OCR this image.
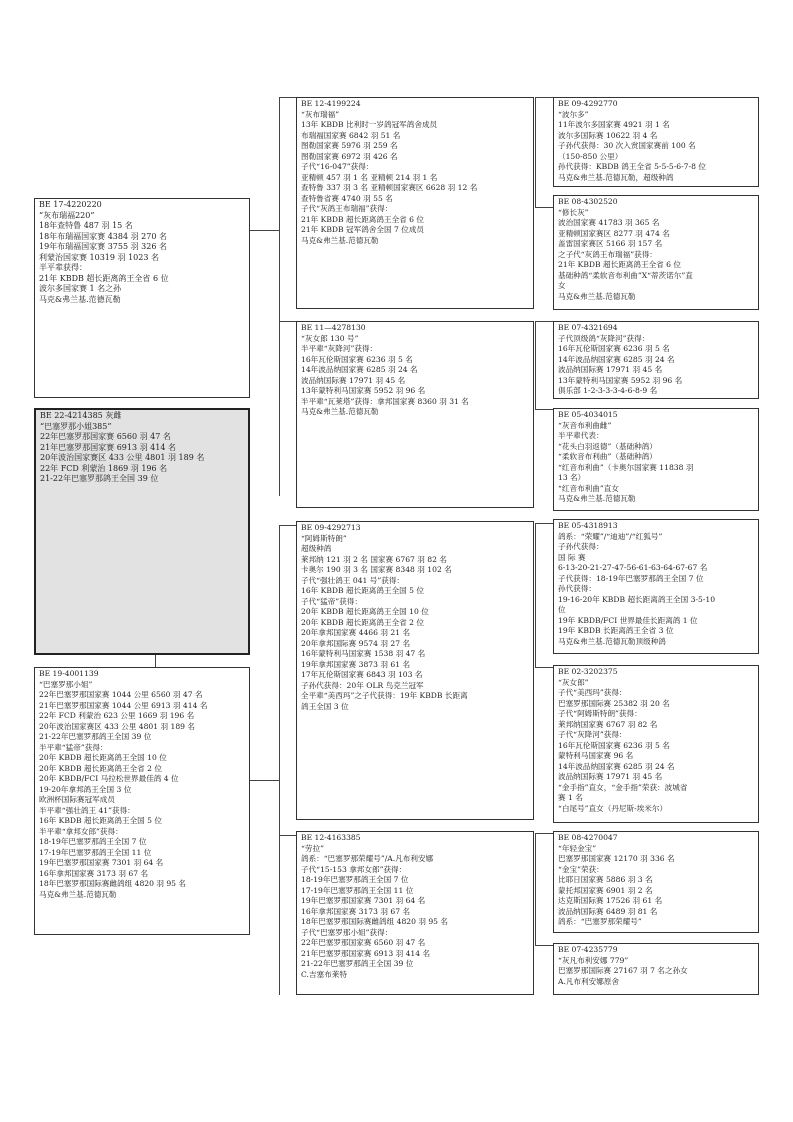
BE 17-4220220
“灰布瑞福220”
18年查特鲁 487 羽 15 名
18年布瑞福国家赛 4384 羽 270 名
19年布瑞福国家赛 3755 羽 326 名
利蒙治国家赛 10319 羽 1023 名
半平辈获得：
21年 KBDB 超长距离鸽王全省 6 位
波尔多国家赛 1 名之孙
马克&弗兰基.范德瓦勒
BE 22-4214385 灰雌
“巴塞罗那小姐385”
22年巴塞罗那国家赛 6560 羽 47 名
21年巴塞罗那国家赛 6913 羽 414 名
20年波治国家赛区 433 公里 4801 羽 189 名
22年 FCD 利蒙治 1869 羽 196 名
21-22年巴塞罗那鸽王全国 39 位
BE 19-4001139
“巴塞罗那小姐”
22年巴塞罗那国家赛 1044 公里 6560 羽 47 名
21年巴塞罗那国家赛 1044 公里 6913 羽 414 名
22年 FCD 利蒙治 623 公里 1669 羽 196 名
20年波治国家赛区 433 公里 4801 羽 189 名
21-22年巴塞罗那鸽王全国 39 位
半平辈“猛帝”获得：
20年 KBDB 超长距离鸽王全国 10 位
20年 KBDB 超长距离鸽王全省 2 位
20年 KBDB/FCI 马拉松世界最佳鸽 4 位
19-20年拿邦鸽王全国 3 位
欧洲杯国际赛冠军成员
半平辈“强壮鸽王 41”获得：
16年 KBDB 超长距离鸽王全国 5 位
半平辈“拿邦女郎”获得：
18-19年巴塞罗那鸽王全国 7 位
17-19年巴塞罗那鸽王全国 11 位
19年巴塞罗那国家赛 7301 羽 64 名
16年拿邦国家赛 3173 羽 67 名
18年巴塞罗那国际赛雌鸽组 4820 羽 95 名
马克&弗兰基.范德瓦勒
BE 12-4199224
“灰布瑞福”
13年 KBDB 比利时一岁鸽冠军鸽舍成员
布瑞福国家赛 6842 羽 51 名
图勒国家赛 5976 羽 259 名
图勒国家赛 6972 羽 426 名
子代“16-047”获得：
亚精顿 457 羽 1 名 亚精顿 214 羽 1 名
查特鲁 337 羽 3 名 亚精顿国家赛区 6628 羽 12 名
查特鲁省赛 4740 羽 55 名
子代“灰鸽王布瑞福”获得：
21年 KBDB 超长距离鸽王全省 6 位
21年 KBDB 冠军鸽舍全国 7 位成员
马克&弗兰基.范德瓦勒
BE 11—4278130
“灰女郎 130 号”
半平辈“灰降河”获得：
16年瓦伦斯国家赛 6236 羽 5 名
14年波品纳国家赛 6285 羽 24 名
波品纳国际赛 17971 羽 45 名
13年蒙特利马国家赛 5952 羽 96 名
半平辈“瓦莱塔”获得：拿邦国家赛 8360 羽 31 名
马克&弗兰基.范德瓦勒
BE 09-4292713
“阿姆斯特朗”
超级种鸽
莱邦纳 121 羽 2 名 国家赛 6767 羽 82 名
卡奥尔 190 羽 3 名 国家赛 8348 羽 102 名
子代“强壮鸽王 041 号”获得：
16年 KBDB 超长距离鸽王全国 5 位
子代“猛帝”获得：
20年 KBDB 超长距离鸽王全国 10 位
20年 KBDB 超长距离鸽王全省 2 位
20年拿邦国家赛 4466 羽 21 名
20年拿邦国际赛 9574 羽 27 名
16年蒙特利马国家赛 1538 羽 47 名
19年拿邦国家赛 3873 羽 61 名
17年瓦伦斯国家赛 6843 羽 103 名
子孙代获得：20年 OLR 鸟克兰冠军
全平辈“美西玛”之子代获得：19年 KBDB 长距离
鸽王全国 3 位
BE 12-4163385
“劳拉”
鸽系：“巴塞罗那荣耀号”/A.凡布利安娜
子代“15-153 拿邦女郎”获得：
18-19年巴塞罗那鸽王全国 7 位
17-19年巴塞罗那鸽王全国 11 位
19年巴塞罗那国家赛 7301 羽 64 名
16年拿邦国家赛 3173 羽 67 名
18年巴塞罗那国际赛雌鸽组 4820 羽 95 名
子代“巴塞罗那小姐”获得：
22年巴塞罗那国家赛 6560 羽 47 名
21年巴塞罗那国家赛 6913 羽 414 名
21-22年巴塞罗那鸽王全国 39 位
C.吉塞布莱特
BE 09-4292770
“波尔多”
11年波尔多国家赛 4921 羽 1 名
波尔多国际赛 10622 羽 4 名
子孙代获得：30 次入赏国家赛前 100 名
（150-850 公里）
孙代获得：KBDB 鸽王全省 5-5-5-6-7-8 位
马克&弗兰基.范德瓦勒，超级种鸽
BE 08-4302520
“修长灰”
波治国家赛 41783 羽 365 名
亚精顿国家赛区 8277 羽 474 名
盖雷国家赛区 5166 羽 157 名
之子代“灰鸽王布瑞福”获得：
21年 KBDB 超长距离鸽王全省 6 位
基础种鸽“柔软音布利曲”X“蒂茨诺尔”直
女
马克&弗兰基.范德瓦勒
BE 07-4321694
子代顶级鸽“灰降河”获得：
16年瓦伦斯国家赛 6236 羽 5 名
14年波品纳国家赛 6285 羽 24 名
波品纳国际赛 17971 羽 45 名
13年蒙特利马国家赛 5952 羽 96 名
俱乐部 1-2-3-3-3-4-6-8-9 名
BE 05-4034015
“灰音布利曲雌”
半平辈代表：
“花头白羽返德”（基础种鸽）
“柔软音布利曲”（基础种鸽）
“红音布利曲”（卡奥尔国家赛 11838 羽
13 名）
“红音布利曲”直女
马克&弗兰基.范德瓦勒
BE 05-4318913
鸽系：“荣耀”/“迪迪”/“红狐号”
子孙代获得：
国 际 赛
6-13-20-21-27-47-56-61-63-64-67-67 名
子代获得：18-19年巴塞罗那鸽王全国 7 位
孙代获得：
19-16-20年 KBDB 超长距离鸽王全国 3-5-10
位
19年 KBDB/FCI 世界最佳长距离鸽 1 位
19年 KBDB 长距离鸽王全省 3 位
马克&弗兰基.范德瓦勒顶级种鸽
BE 02-3202375
“灰女郎”
子代“美西玛”获得：
巴塞罗那国际赛 25382 羽 20 名
子代“阿姆斯特朗”获得：
莱邦纳国家赛 6767 羽 82 名
子代“灰降河”获得：
16年瓦伦斯国家赛 6236 羽 5 名
蒙特利马国家赛 96 名
14年波品纳国家赛 6285 羽 24 名
波品纳国际赛 17971 羽 45 名
“金手指”直女，“金手指”荣获：波城省
赛 1 名
“白尾号”直女（丹尼斯-埃米尔）
BE 08-4270047
“年轻金宝”
巴塞罗那国家赛 12170 羽 336 名
“金宝”荣获：
比耶日国家赛 5886 羽 3 名
蒙托邦国家赛 6901 羽 2 名
达克斯国际赛 17526 羽 61 名
波品纳国际赛 6489 羽 81 名
鸽系：“巴塞罗那荣耀号”
BE 07-4235779
“灰凡布利安娜 779”
巴塞罗那国际赛 27167 羽 7 名之孙女
A.凡布利安娜原舍
